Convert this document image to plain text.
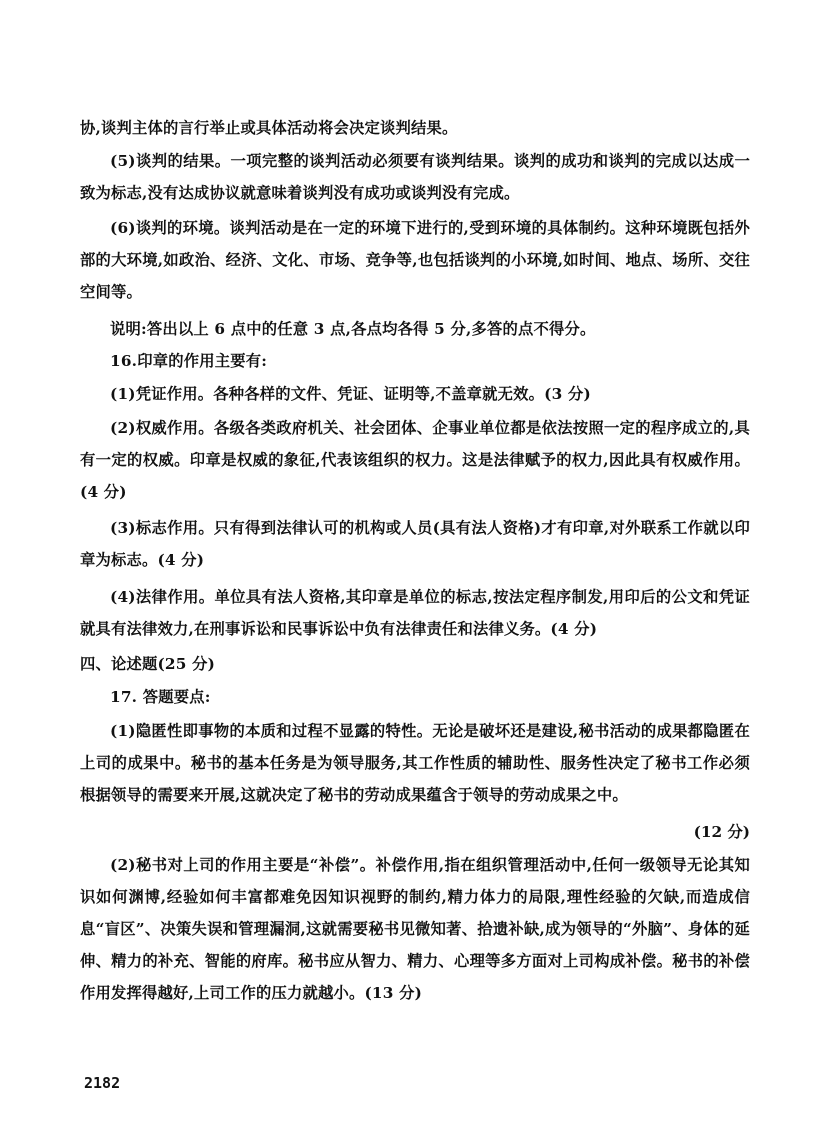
协,谈判主体的言行举止或具体活动将会决定谈判结果。
(5)谈判的结果。一项完整的谈判活动必须要有谈判结果。谈判的成功和谈判的完成以达成一致为标志,没有达成协议就意味着谈判没有成功或谈判没有完成。
(6)谈判的环境。谈判活动是在一定的环境下进行的,受到环境的具体制约。这种环境既包括外部的大环境,如政治、经济、文化、市场、竞争等,也包括谈判的小环境,如时间、地点、场所、交往空间等。
说明:答出以上 6 点中的任意 3 点,各点均各得 5 分,多答的点不得分。
16.印章的作用主要有:
(1)凭证作用。各种各样的文件、凭证、证明等,不盖章就无效。(3 分)
(2)权威作用。各级各类政府机关、社会团体、企事业单位都是依法按照一定的程序成立的,具有一定的权威。印章是权威的象征,代表该组织的权力。这是法律赋予的权力,因此具有权威作用。(4 分)
(3)标志作用。只有得到法律认可的机构或人员(具有法人资格)才有印章,对外联系工作就以印章为标志。(4 分)
(4)法律作用。单位具有法人资格,其印章是单位的标志,按法定程序制发,用印后的公文和凭证就具有法律效力,在刑事诉讼和民事诉讼中负有法律责任和法律义务。(4 分)
四、论述题(25 分)
17. 答题要点:
(1)隐匿性即事物的本质和过程不显露的特性。无论是破坏还是建设,秘书活动的成果都隐匿在上司的成果中。秘书的基本任务是为领导服务,其工作性质的辅助性、服务性决定了秘书工作必须根据领导的需要来开展,这就决定了秘书的劳动成果蕴含于领导的劳动成果之中。
(12 分)
(2)秘书对上司的作用主要是“补偿”。补偿作用,指在组织管理活动中,任何一级领导无论其知识如何渊博,经验如何丰富都难免因知识视野的制约,精力体力的局限,理性经验的欠缺,而造成信息“盲区”、决策失误和管理漏洞,这就需要秘书见微知著、拾遗补缺,成为领导的“外脑”、身体的延伸、精力的补充、智能的府库。秘书应从智力、精力、心理等多方面对上司构成补偿。秘书的补偿作用发挥得越好,上司工作的压力就越小。(13 分)
2182
